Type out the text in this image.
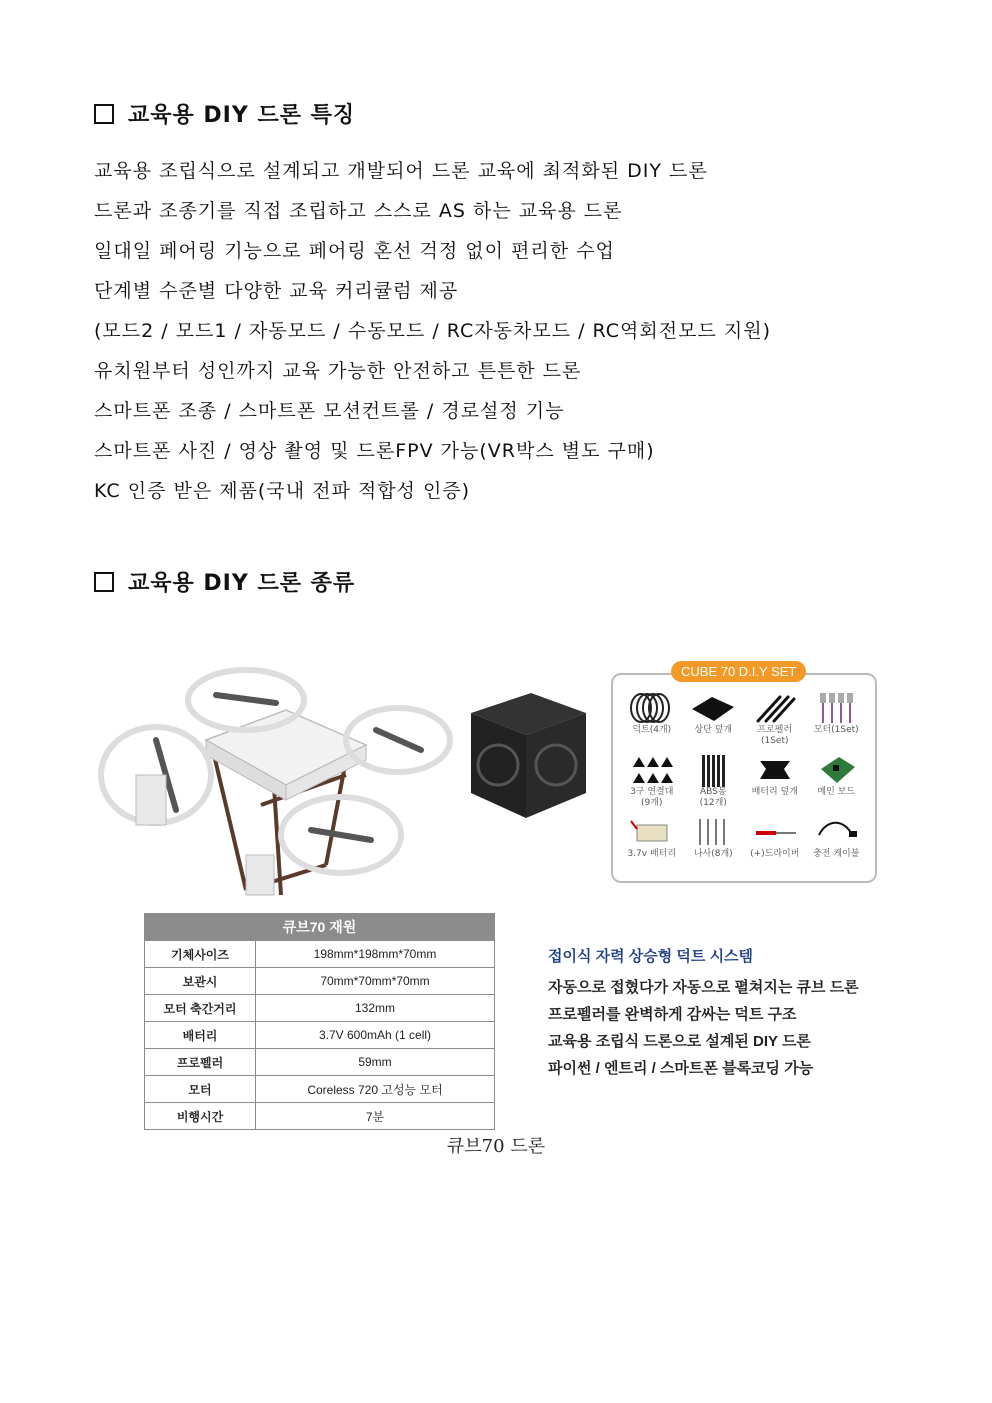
교육용 DIY 드론 특징
교육용 조립식으로 설계되고 개발되어 드론 교육에 최적화된 DIY 드론
드론과 조종기를 직접 조립하고 스스로 AS 하는 교육용 드론
일대일 페어링 기능으로 페어링 혼선 걱정 없이 편리한 수업
단계별 수준별 다양한 교육 커리큘럼 제공
(모드2 / 모드1 / 자동모드 / 수동모드 / RC자동차모드 / RC역회전모드 지원)
유치원부터 성인까지 교육 가능한 안전하고 튼튼한 드론
스마트폰 조종 / 스마트폰 모션컨트롤 / 경로설정 기능
스마트폰 사진 / 영상 촬영 및 드론FPV 가능(VR박스 별도 구매)
KC 인증 받은 제품(국내 전파 적합성 인증)
교육용 DIY 드론 종류
CUBE 70 D.I.Y SET
덕트(4개)	상단 덮개	프로펠러(1Set)
모터(1Set)
3구 연결대
(9개)
ABS봉
(12개)
배터리 덮개 메인 보드
3.7v 배터리 나사(8개) (+)드라이버 충전 케이블
큐브70 재원	
기체사이즈	198mm*198mm*70mm
보관시	70mm*70mm*70mm
모터 축간거리	132mm
배터리	3.7V 600mAh (1 cell)
프로펠러	59mm
모터	Coreless 720 고성능 모터
비행시간	7분
접이식 자력 상승형 덕트 시스템
자동으로 접혔다가 자동으로 펼쳐지는 큐브 드론
프로펠러를 완벽하게 감싸는 덕트 구조
교육용 조립식 드론으로 설계된 DIY 드론
파이썬 / 엔트리 / 스마트폰 블록코딩 가능
큐브70 드론
